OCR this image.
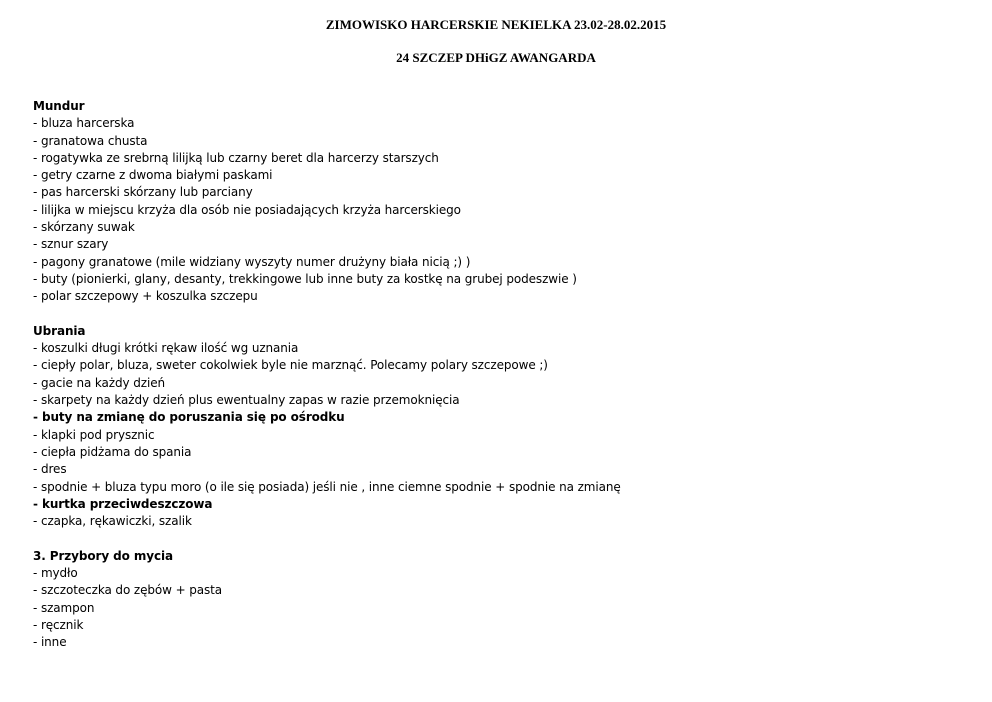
ZIMOWISKO HARCERSKIE NEKIELKA 23.02-28.02.2015
24 SZCZEP DHiGZ AWANGARDA
Mundur
- bluza harcerska
- granatowa chusta
- rogatywka ze srebrną lilijką lub czarny beret dla harcerzy starszych
- getry czarne z dwoma białymi paskami
- pas harcerski skórzany lub parciany
- lilijka w miejscu krzyża dla osób nie posiadających krzyża harcerskiego
- skórzany suwak
- sznur szary
- pagony granatowe (mile widziany wyszyty numer drużyny biała nicią ;) )
- buty (pionierki, glany, desanty, trekkingowe lub inne buty za kostkę na grubej podeszwie )
- polar szczepowy + koszulka szczepu
Ubrania
- koszulki długi krótki rękaw ilość wg uznania
- ciepły polar, bluza, sweter cokolwiek byle nie marznąć. Polecamy polary szczepowe ;)
- gacie na każdy dzień
- skarpety na każdy dzień plus ewentualny zapas w razie przemoknięcia
- buty na zmianę do poruszania się po ośrodku
- klapki pod prysznic
- ciepła pidżama do spania
- dres
- spodnie + bluza typu moro (o ile się posiada) jeśli nie , inne ciemne spodnie + spodnie na zmianę
- kurtka przeciwdeszczowa
- czapka, rękawiczki, szalik
3. Przybory do mycia
- mydło
- szczoteczka do zębów + pasta
- szampon
- ręcznik
- inne
